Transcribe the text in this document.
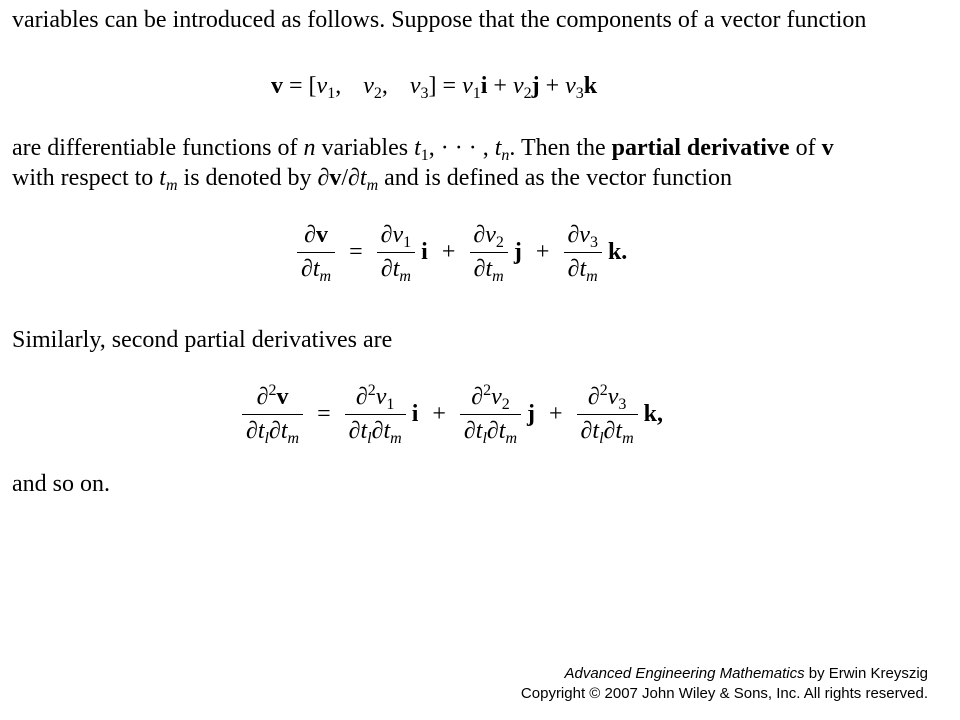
variables can be introduced as follows. Suppose that the components of a vector function
$v = [v_1$, $v_2$, $v_3] = v_1i + v_2j + v_3k$
are differentiable functions of n variables $t_1$, · · · , $t_n$. Then the partial derivative of v
with respect to $t_m$ is denoted by $\partial v/\partial t_m$ and is defined as the vector function
$\frac{\partial v}{\partial t_m} = \frac{\partial v_1}{\partial t_m}$ $i + \frac{\partial v_2}{\partial t_m}$ $j + \frac{\partial v_3}{\partial t_m} k$.
Similarly, second partial derivatives are
$\frac{\partial^2v}{\partial t_l\partial t_m} = \frac{\partial^2v_1}{\partial t_l\partial t_m}$ $i + \frac{\partial^2v_2}{\partial t_l\partial t_m}$ $j + \frac{\partial^2v_3}{\partial t_l\partial t_m} k$,
and so on.
Advanced Engineering Mathematics by Erwin Kreyszig
Copyright © 2007 John Wiley & Sons, Inc. All rights reserved.
